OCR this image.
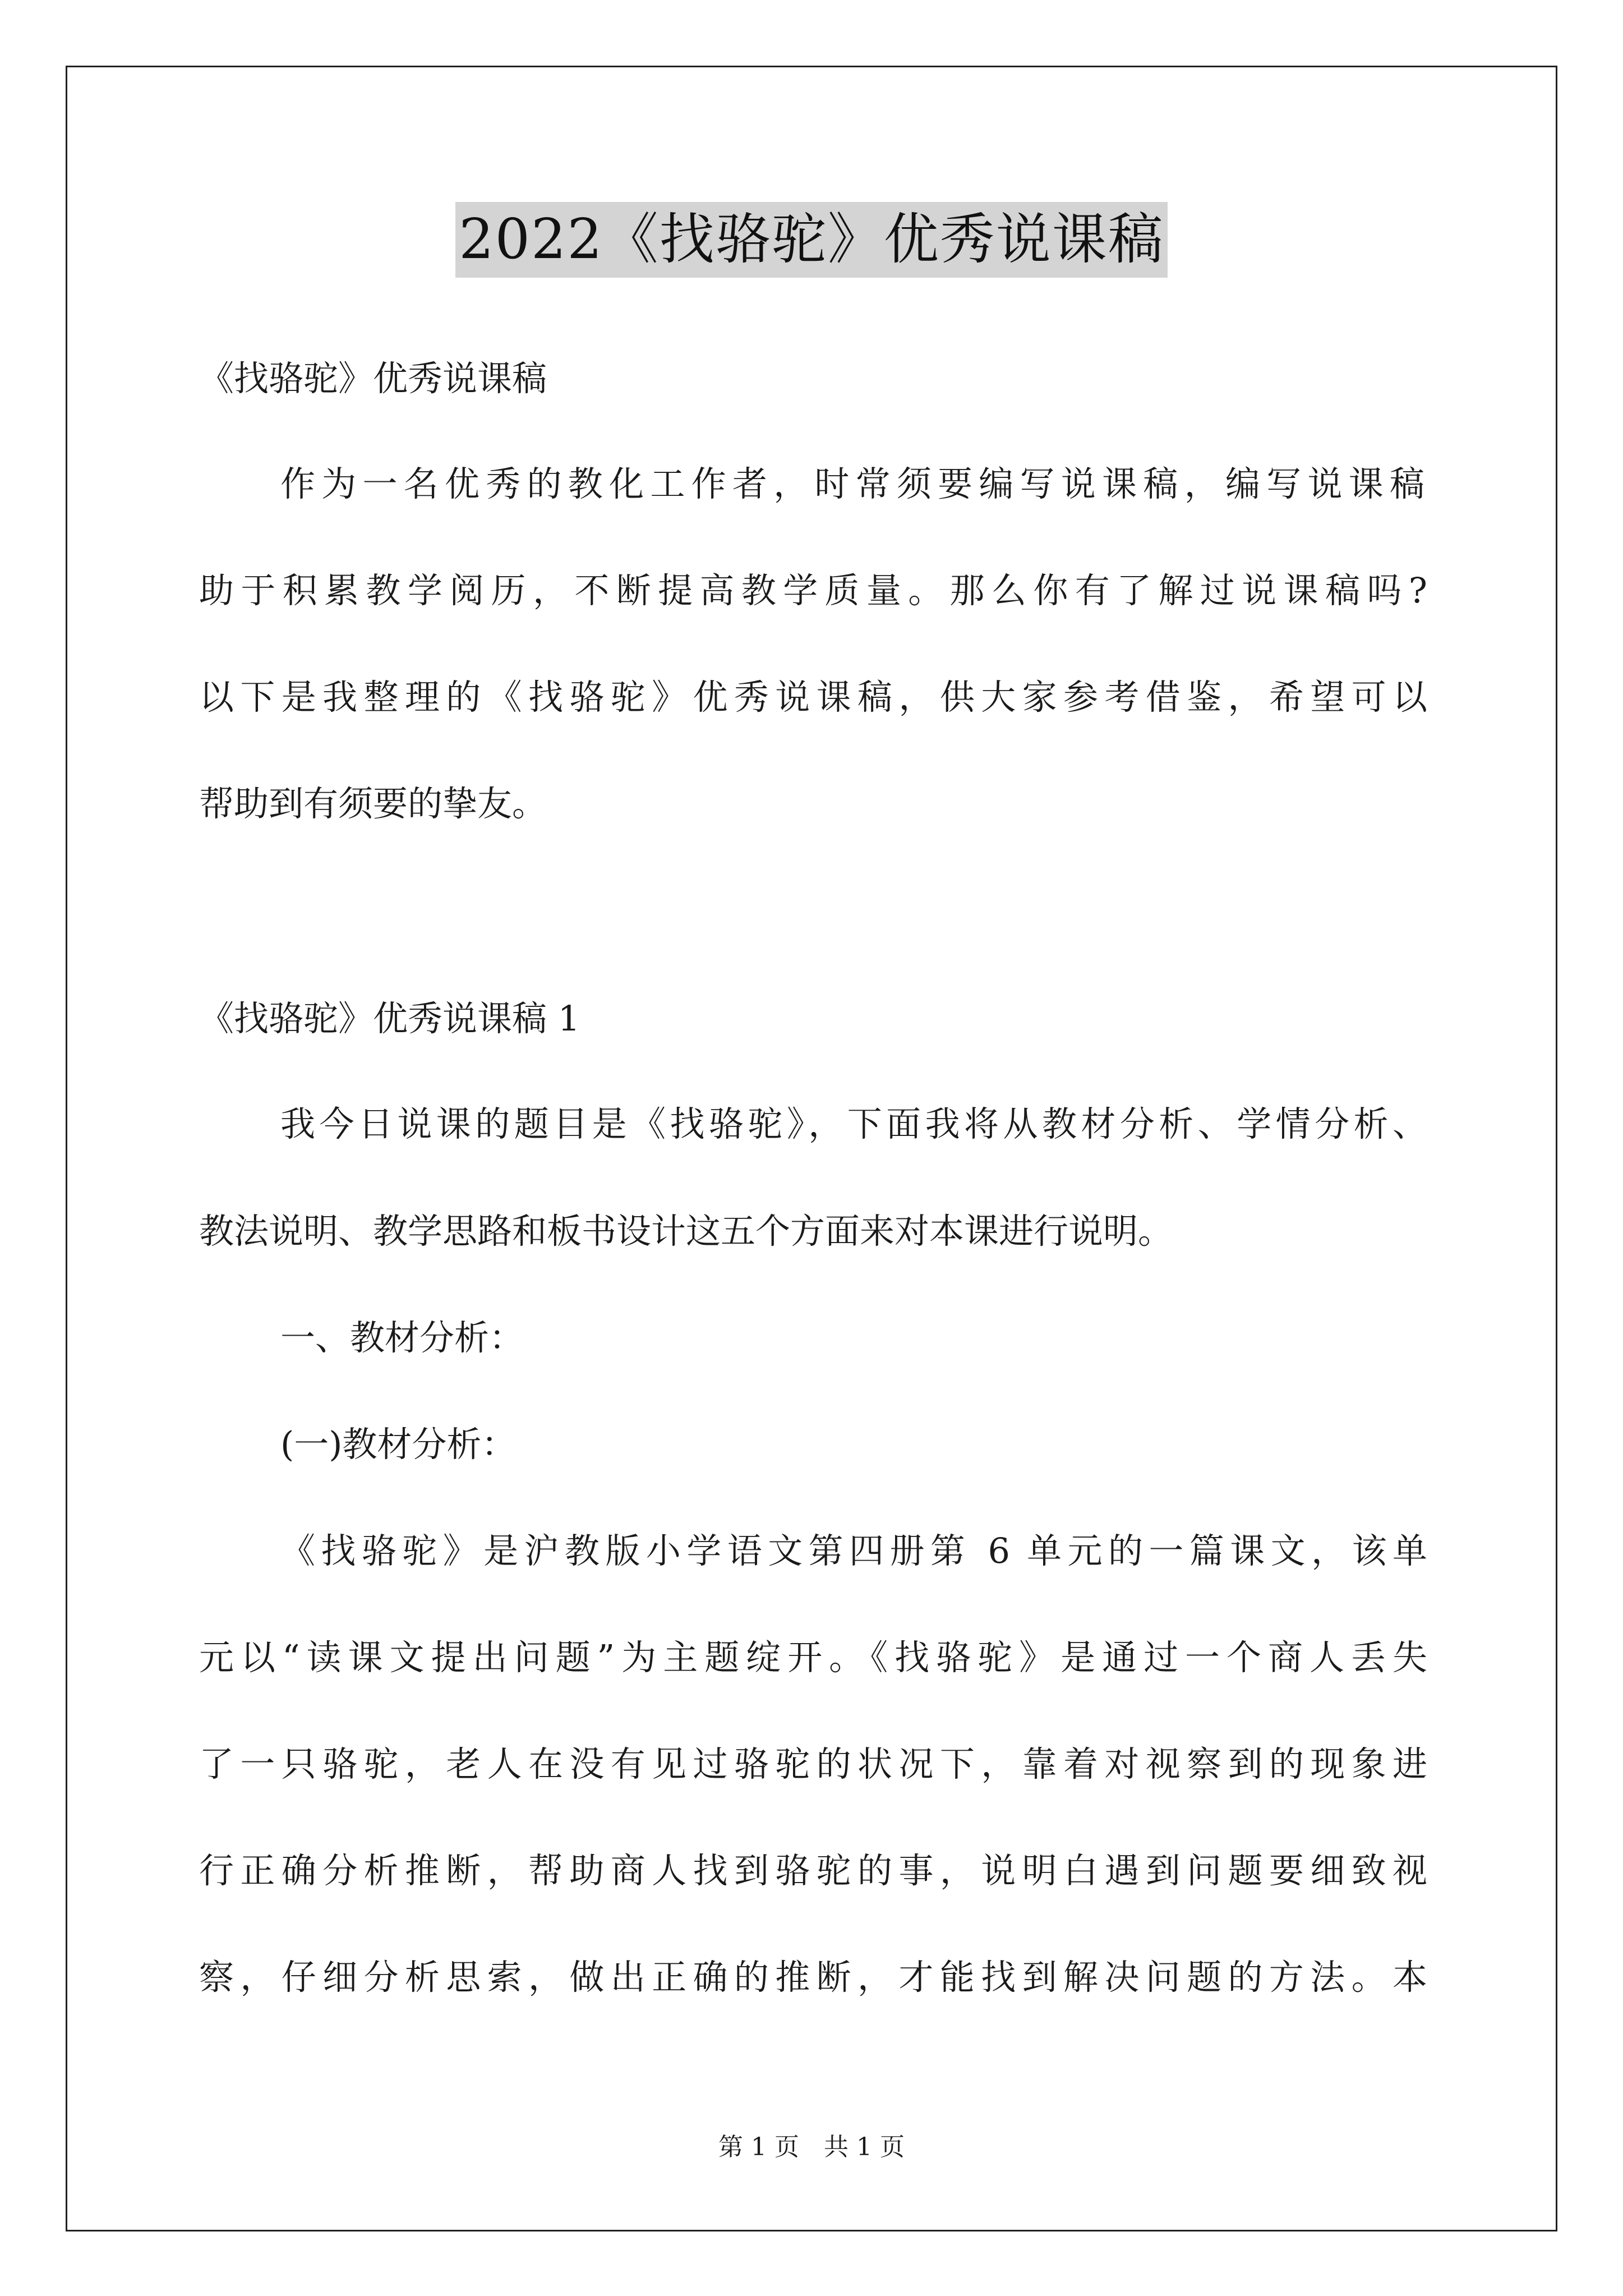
2022《找骆驼》优秀说课稿
《找骆驼》优秀说课稿
作为一名优秀的教化工作者，时常须要编写说课稿，编写说课稿
助于积累教学阅历，不断提高教学质量。那么你有了解过说课稿吗?
以下是我整理的《找骆驼》优秀说课稿，供大家参考借鉴，希望可以
帮助到有须要的挚友。
《找骆驼》优秀说课稿 1
我今日说课的题目是《找骆驼》，下面我将从教材分析、学情分析、
教法说明、教学思路和板书设计这五个方面来对本课进行说明。
一、教材分析：
(一)教材分析：
《找骆驼》是沪教版小学语文第四册第 6 单元的一篇课文，该单
元以“读课文提出问题”为主题绽开。《找骆驼》是通过一个商人丢失
了一只骆驼，老人在没有见过骆驼的状况下，靠着对视察到的现象进
行正确分析推断，帮助商人找到骆驼的事，说明白遇到问题要细致视
察，仔细分析思索，做出正确的推断，才能找到解决问题的方法。本
第 1 页　共 1 页
